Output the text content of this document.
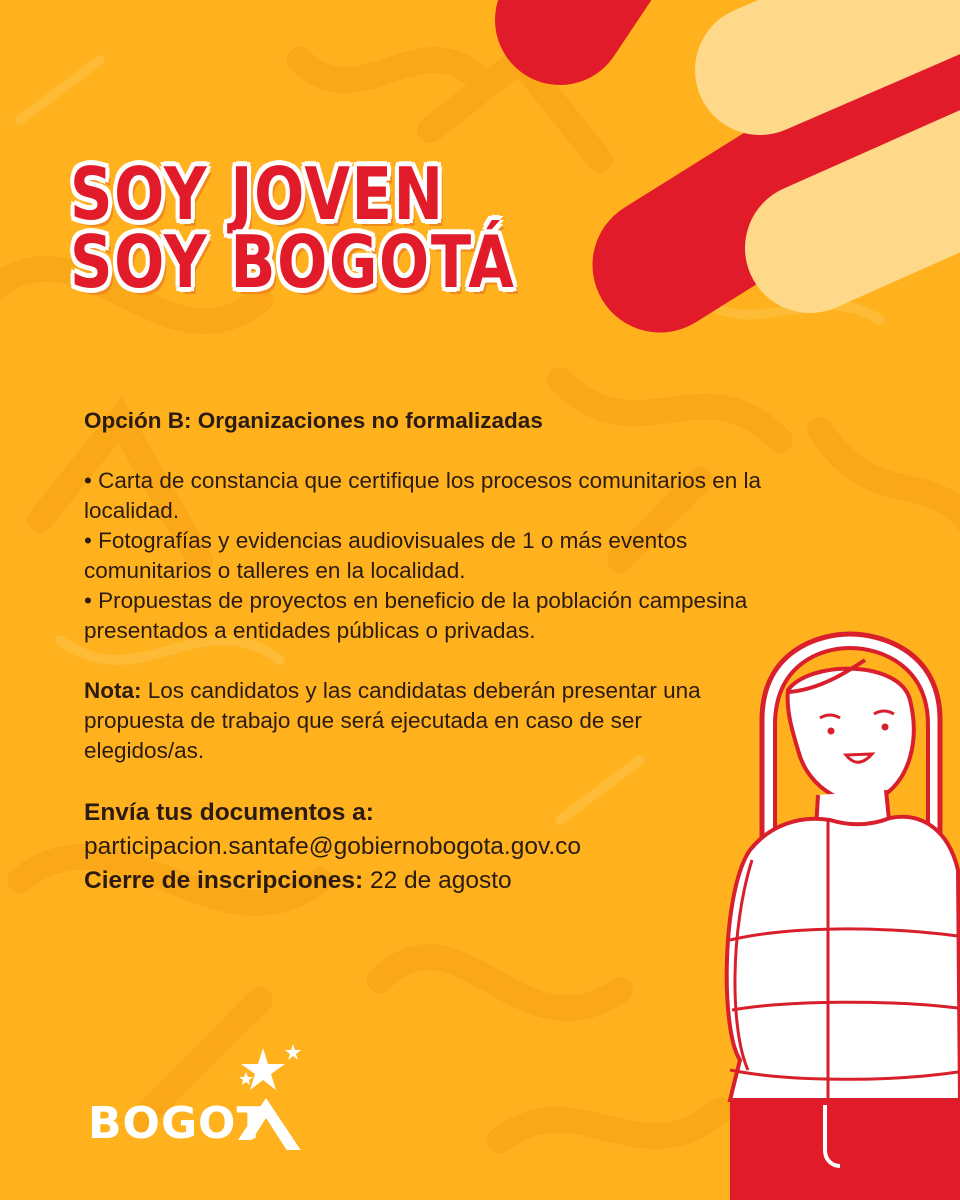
SOY JOVEN
SOY BOGOTÁ

Opción B: Organizaciones no formalizadas

• Carta de constancia que certifique los procesos comunitarios en la localidad.

• Fotografías y evidencias audiovisuales de 1 o más eventos comunitarios o talleres en la localidad.

• Propuestas de proyectos en beneficio de la población campesina presentados a entidades públicas o privadas.

Nota: Los candidatos y las candidatas deberán presentar una propuesta de trabajo que será ejecutada en caso de ser elegidos/as.

Envía tus documentos a:
participacion.santafe@gobiernobogota.gov.co
Cierre de inscripciones: 22 de agosto
BOGOT
